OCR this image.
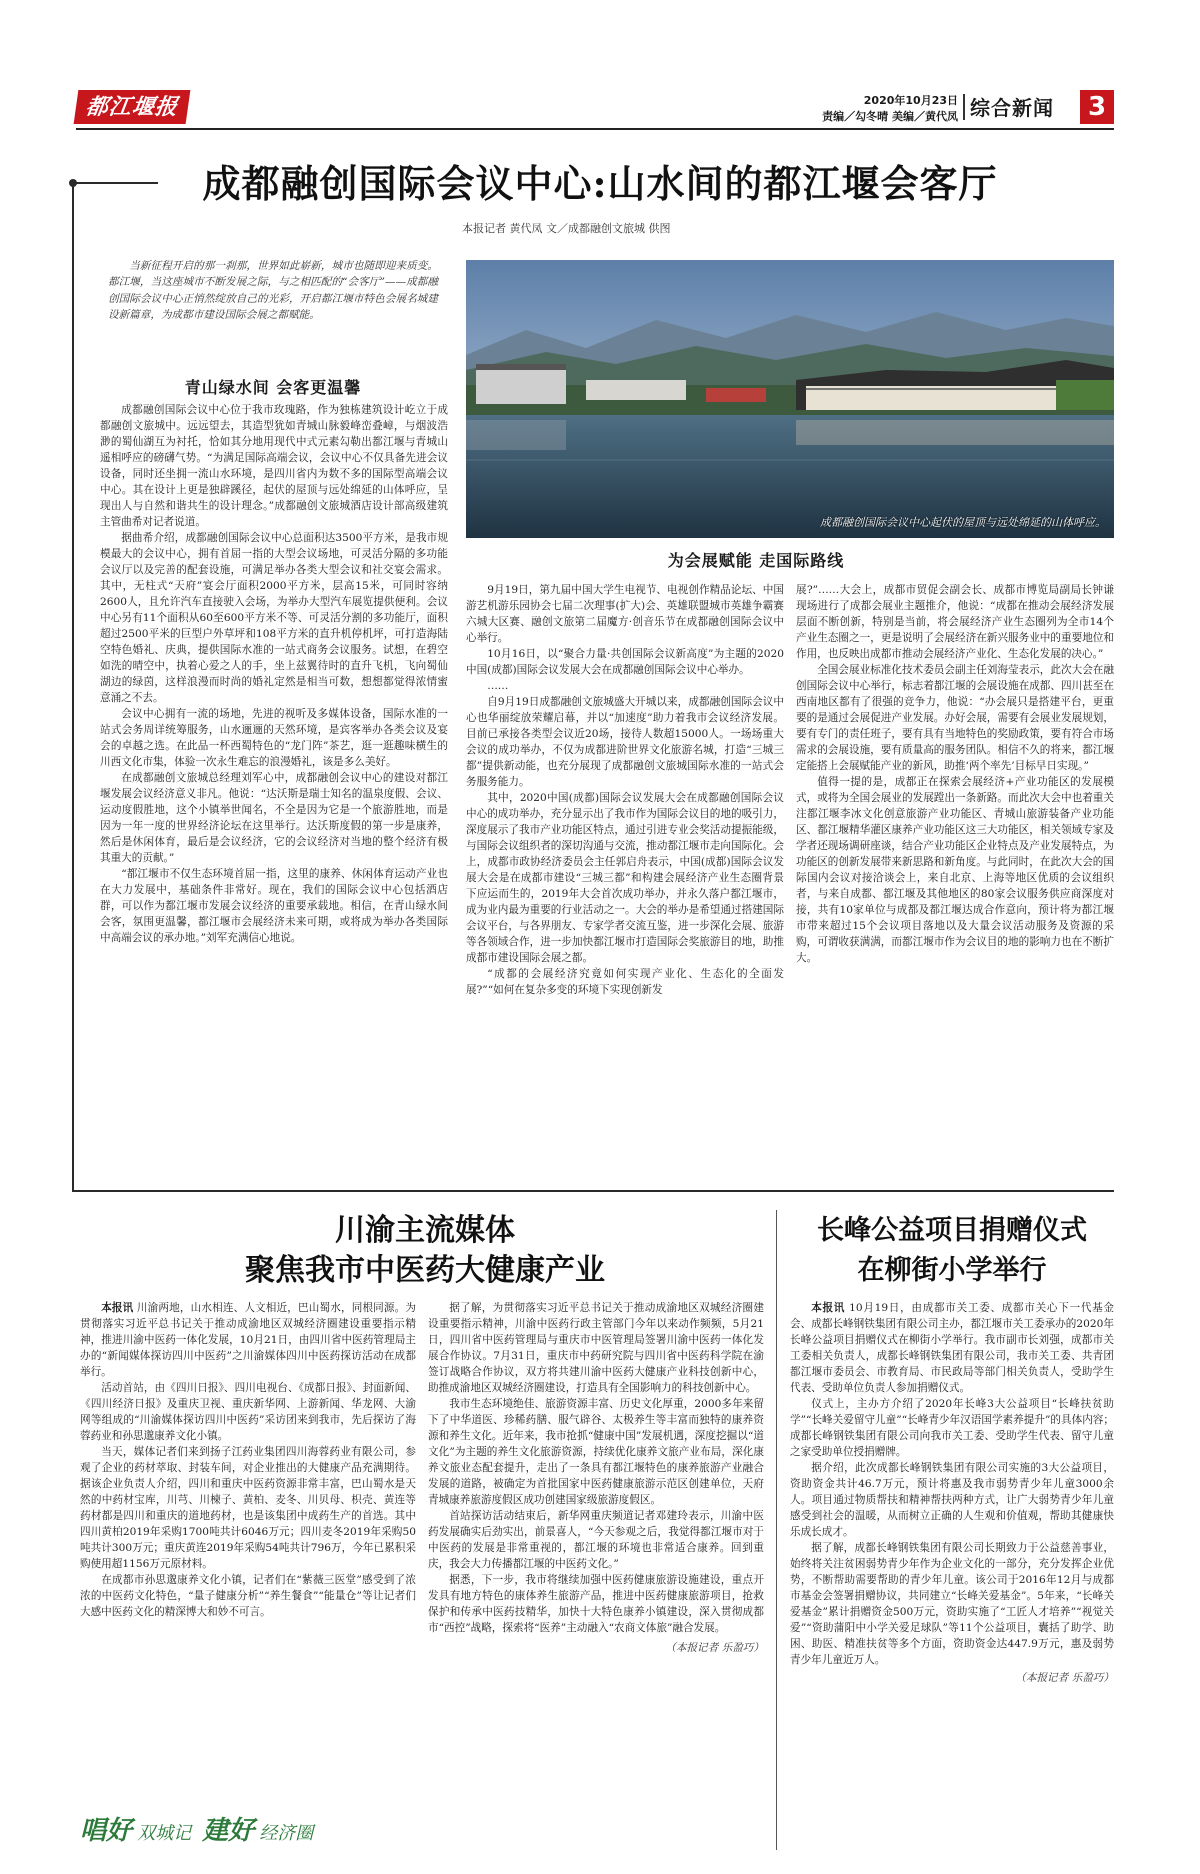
都江堰报	2020年10月23日
责编／勾冬晴 美编／黄代凤 综合新闻	3
成都融创国际会议中心:山水间的都江堰会客厅
本报记者 黄代凤 文／成都融创文旅城 供图

当新征程开启的那一刹那，世界如此崭新，城市也随即迎来质变。都江堰，当这座城市不断发展之际，与之相匹配的“会客厅”——成都融创国际会议中心正悄然绽放自己的光彩，开启都江堰市特色会展名城建设新篇章，为成都市建设国际会展之都赋能。

青山绿水间 会客更温馨

成都融创国际会议中心位于我市玫瑰路，作为独栋建筑设计屹立于成都融创文旅城中。远远望去，其造型犹如青城山脉毅峰峦叠嶂，与烟波浩渺的蜀仙湖互为衬托，恰如其分地用现代中式元素勾勒出都江堰与青城山遥相呼应的磅礴气势。“为满足国际高端会议，会议中心不仅具备先进会议设备，同时还坐拥一流山水环境，是四川省内为数不多的国际型高端会议中心。其在设计上更是独辟蹊径，起伏的屋顶与远处绵延的山体呼应，呈现出人与自然和谐共生的设计理念。”成都融创文旅城酒店设计部高级建筑主管曲希对记者说道。

据曲希介绍，成都融创国际会议中心总面积达3500平方米，是我市规模最大的会议中心，拥有首屈一指的大型会议场地，可灵活分隔的多功能会议厅以及完善的配套设施，可满足举办各类大型会议和社交宴会需求。其中，无柱式“天府”宴会厅面积2000平方米，层高15米，可同时容纳2600人，且允许汽车直接驶入会场，为举办大型汽车展览提供便利。会议中心另有11个面积从60至600平方米不等、可灵活分割的多功能厅，面积超过2500平米的巨型户外草坪和108平方米的直升机停机坪，可打造海陆空特色婚礼、庆典，提供国际水准的一站式商务会议服务。试想，在碧空如洗的晴空中，执着心爱之人的手，坐上兹翼待时的直升飞机，飞向蜀仙湖边的绿茵，这样浪漫而时尚的婚礼定然是相当可数，想想都觉得浓情蜜意涌之不去。

会议中心拥有一流的场地，先进的视听及多媒体设备，国际水准的一站式会务周详统筹服务，山水逦逦的天然环境，是宾客举办各类会议及宴会的卓越之选。在此品一杯西蜀特色的“龙门阵”茶艺，逛一逛趣味横生的川西文化市集，体验一次永生难忘的浪漫婚礼，该是多么美好。

在成都融创文旅城总经理刘军心中，成都融创会议中心的建设对都江堰发展会议经济意义非凡。他说：“达沃斯是瑞士知名的温泉度假、会议、运动度假胜地，这个小镇举世闻名，不全是因为它是一个旅游胜地，而是因为一年一度的世界经济论坛在这里举行。达沃斯度假的第一步是康养，然后是休闲体育，最后是会议经济，它的会议经济对当地的整个经济有极其重大的贡献。”

“都江堰市不仅生态环境首屈一指，这里的康养、休闲体育运动产业也在大力发展中，基础条件非常好。现在，我们的国际会议中心包括酒店群，可以作为都江堰市发展会议经济的重要承载地。相信，在青山绿水间会客，氛围更温馨，都江堰市会展经济未来可期，或将成为举办各类国际中高端会议的承办地。”刘军充满信心地说。

成都融创国际会议中心起伏的屋顶与远处绵延的山体呼应。
为会展赋能 走国际路线

9月19日，第九届中国大学生电视节、电视创作精品论坛、中国游艺机游乐园协会七届二次理事(扩大)会、英雄联盟城市英雄争霸赛六城大区赛、融创文旅第二届魔方·创音乐节在成都融创国际会议中心举行。

10月16日，以“聚合力量·共创国际会议新高度”为主题的2020中国(成都)国际会议发展大会在成都融创国际会议中心举办。

……

自9月19日成都融创文旅城盛大开城以来，成都融创国际会议中心也华丽绽放荣耀启幕，并以“加速度”助力着我市会议经济发展。目前已承接各类型会议近20场，接待人数超15000人。一场场重大会议的成功举办，不仅为成都进阶世界文化旅游名城，打造“三城三都”提供新动能，也充分展现了成都融创文旅城国际水准的一站式会务服务能力。

其中，2020中国(成都)国际会议发展大会在成都融创国际会议中心的成功举办，充分显示出了我市作为国际会议目的地的吸引力，深度展示了我市产业功能区特点，通过引进专业会奖活动提振能级，与国际会议组织者的深切沟通与交流，推动都江堰市走向国际化。会上，成都市政协经济委员会主任郭启舟表示，中国(成都)国际会议发展大会是在成都市建设“三城三都”和构建会展经济产业生态圈背景下应运而生的，2019年大会首次成功举办，并永久落户都江堰市，成为业内最为重要的行业活动之一。大会的举办是希望通过搭建国际会议平台，与各界朋友、专家学者交流互鉴，进一步深化会展、旅游等各领域合作，进一步加快都江堰市打造国际会奖旅游目的地，助推成都市建设国际会展之都。

“成都的会展经济究竟如何实现产业化、生态化的全面发展?”“如何在复杂多变的环境下实现创新发

展?”……大会上，成都市贸促会副会长、成都市博览局副局长钟谦现场进行了成都会展业主题推介，他说：“成都在推动会展经济发展层面不断创新，特别是当前，将会展经济产业生态圈列为全市14个产业生态圈之一，更是说明了会展经济在新兴服务业中的重要地位和作用，也反映出成都市推动会展经济产业化、生态化发展的决心。”

全国会展业标准化技术委员会副主任刘海莹表示，此次大会在融创国际会议中心举行，标志着都江堰的会展设施在成都、四川甚至在西南地区都有了很强的竞争力，他说：“办会展只是搭建平台，更重要的是通过会展促进产业发展。办好会展，需要有会展业发展规划，要有专门的责任班子，要有具有当地特色的奖励政策，要有符合市场需求的会展设施，要有质量高的服务团队。相信不久的将来，都江堰定能搭上会展赋能产业的新风，助推‘两个率先’目标早日实现。”

值得一提的是，成都正在探索会展经济+产业功能区的发展模式，或将为全国会展业的发展蹚出一条新路。而此次大会中也着重关注都江堰李冰文化创意旅游产业功能区、青城山旅游装备产业功能区、都江堰精华灌区康养产业功能区这三大功能区，相关领域专家及学者还现场调研座谈，结合产业功能区企业特点及产业发展特点，为功能区的创新发展带来新思路和新角度。与此同时，在此次大会的国际国内会议对接洽谈会上，来自北京、上海等地区优质的会议组织者，与来自成都、都江堰及其他地区的80家会议服务供应商深度对接，共有10家单位与成都及都江堰达成合作意向，预计将为都江堰市带来超过15个会议项目落地以及大量会议活动服务及资源的采购，可谓收获满满，而都江堰市作为会议目的地的影响力也在不断扩大。

川渝主流媒体
聚焦我市中医药大健康产业

本报讯 川渝两地，山水相连、人文相近，巴山蜀水，同根同源。为贯彻落实习近平总书记关于推动成渝地区双城经济圈建设重要指示精神，推进川渝中医药一体化发展，10月21日，由四川省中医药管理局主办的“新闻媒体探访四川中医药”之川渝媒体四川中医药探访活动在成都举行。

活动首站，由《四川日报》、四川电视台、《成都日报》、封面新闻、《四川经济日报》及重庆卫视、重庆新华网、上游新闻、华龙网、大渝网等组成的“川渝媒体探访四川中医药”采访团来到我市，先后探访了海蓉药业和孙思邈康养文化小镇。

当天，媒体记者们来到扬子江药业集团四川海蓉药业有限公司，参观了企业的药材萃取、封装车间，对企业推出的大健康产品充满期待。据该企业负责人介绍，四川和重庆中医药资源非常丰富，巴山蜀水是天然的中药材宝库，川芎、川楝子、黄柏、麦冬、川贝母、枳壳、黄连等药材都是四川和重庆的道地药材，也是该集团中成药生产的首选。其中四川黄柏2019年采购1700吨共计6046万元；四川麦冬2019年采购50吨共计300万元；重庆黄连2019年采购54吨共计796万，今年已累积采购使用超1156万元原材料。

在成都市孙思邈康养文化小镇，记者们在“紫薇三医堂”感受到了浓浓的中医药文化特色，“量子健康分析”“养生餐食”“能量仓”等让记者们大感中医药文化的精深博大和妙不可言。

据了解，为贯彻落实习近平总书记关于推动成渝地区双城经济圈建设重要指示精神，川渝中医药行政主管部门今年以来动作频频，5月21日，四川省中医药管理局与重庆市中医管理局签署川渝中医药一体化发展合作协议。7月31日，重庆市中药研究院与四川省中医药科学院在渝签订战略合作协议，双方将共建川渝中医药大健康产业科技创新中心，助推成渝地区双城经济圈建设，打造具有全国影响力的科技创新中心。

我市生态环境绝佳、旅游资源丰富、历史文化厚重，2000多年来留下了中华道医、珍稀药膳、服气辟谷、太极养生等丰富而独特的康养资源和养生文化。近年来，我市抢抓“健康中国”发展机遇，深度挖掘以“道文化”为主题的养生文化旅游资源，持续优化康养文旅产业布局，深化康养文旅业态配套提升，走出了一条具有都江堰特色的康养旅游产业融合发展的道路，被确定为首批国家中医药健康旅游示范区创建单位，天府青城康养旅游度假区成功创建国家级旅游度假区。

首站探访活动结束后，新华网重庆频道记者邓建玲表示，川渝中医药发展确实后劲实出，前景喜人，“今天参观之后，我觉得都江堰市对于中医药的发展是非常重视的，都江堰的环境也非常适合康养。回到重庆，我会大力传播都江堰的中医药文化。”

据悉，下一步，我市将继续加强中医药健康旅游设施建设，重点开发具有地方特色的康体养生旅游产品，推进中医药健康旅游项目，抢救保护和传承中医药技精华，加快十大特色康养小镇建设，深入贯彻成都市“西控”战略，探索将“医养”主动融入“农商文体旅”融合发展。

（本报记者 乐盈巧）
唱好 双城记 建好 经济圈
长峰公益项目捐赠仪式
在柳街小学举行

本报讯 10月19日，由成都市关工委、成都市关心下一代基金会、成都长峰钢铁集团有限公司主办，都江堰市关工委承办的2020年长峰公益项目捐赠仪式在柳街小学举行。我市副市长刘强，成都市关工委相关负责人，成都长峰钢铁集团有限公司，我市关工委、共青团都江堰市委员会、市教育局、市民政局等部门相关负责人，受助学生代表、受助单位负责人参加捐赠仪式。

仪式上，主办方介绍了2020年长峰3大公益项目“长峰扶贫助学”“长峰关爱留守儿童”“长峰青少年汉语国学素养提升”的具体内容；成都长峰钢铁集团有限公司向我市关工委、受助学生代表、留守儿童之家受助单位授捐赠牌。

据介绍，此次成都长峰钢铁集团有限公司实施的3大公益项目，资助资金共计46.7万元，预计将惠及我市弱势青少年儿童3000余人。项目通过物质帮扶和精神帮扶两种方式，让广大弱势青少年儿童感受到社会的温暖，从而树立正确的人生观和价值观，帮助其健康快乐成长成才。

据了解，成都长峰钢铁集团有限公司长期致力于公益慈善事业，始终将关注贫困弱势青少年作为企业文化的一部分，充分发挥企业优势，不断帮助需要帮助的青少年儿童。该公司于2016年12月与成都市基金会签署捐赠协议，共同建立“长峰关爱基金”。5年来，“长峰关爱基金”累计捐赠资金500万元，资助实施了“工匠人才培养”“视觉关爱”“资助蒲阳中小学关爱足球队”等11个公益项目，囊括了助学、助困、助医、精准扶贫等多个方面，资助资金达447.9万元，惠及弱势青少年儿童近万人。

（本报记者 乐盈巧）
